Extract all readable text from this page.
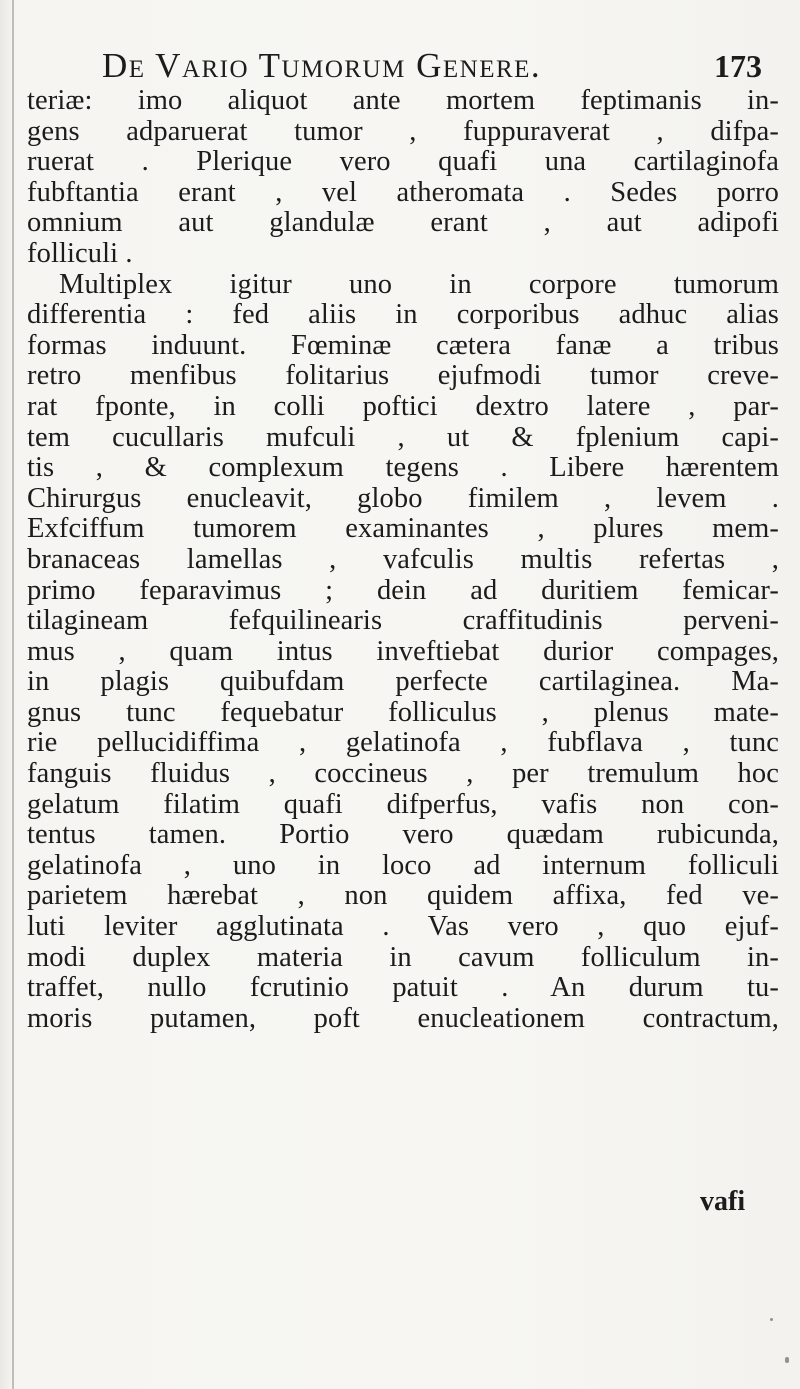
De Vario Tumorum Genere.	173
teriæ: imo aliquot ante mortem feptimanis in-
gens adparuerat tumor , fuppuraverat , difpa-
ruerat . Plerique vero quafi una cartilaginofa
fubftantia erant , vel atheromata . Sedes porro
omnium aut glandulæ erant , aut adipofi
folliculi .
Multiplex igitur uno in corpore tumorum
differentia : fed aliis in corporibus adhuc alias
formas induunt. Fœminæ cætera fanæ a tribus
retro menfibus folitarius ejufmodi tumor creve-
rat fponte, in colli poftici dextro latere , par-
tem cucullaris mufculi , ut & fplenium capi-
tis , & complexum tegens . Libere hærentem
Chirurgus enucleavit, globo fimilem , levem .
Exfciffum tumorem examinantes , plures mem-
branaceas lamellas , vafculis multis refertas ,
primo feparavimus ; dein ad duritiem femicar-
tilagineam fefquilinearis craffitudinis perveni-
mus , quam intus inveftiebat durior compages,
in plagis quibufdam perfecte cartilaginea. Ma-
gnus tunc fequebatur folliculus , plenus mate-
rie pellucidiffima , gelatinofa , fubflava , tunc
fanguis fluidus , coccineus , per tremulum hoc
gelatum filatim quafi difperfus, vafis non con-
tentus tamen. Portio vero quædam rubicunda,
gelatinofa , uno in loco ad internum folliculi
parietem hærebat , non quidem affixa, fed ve-
luti leviter agglutinata . Vas vero , quo ejuf-
modi duplex materia in cavum folliculum in-
traffet, nullo fcrutinio patuit . An durum tu-
moris putamen, poft enucleationem contractum,
vafi
